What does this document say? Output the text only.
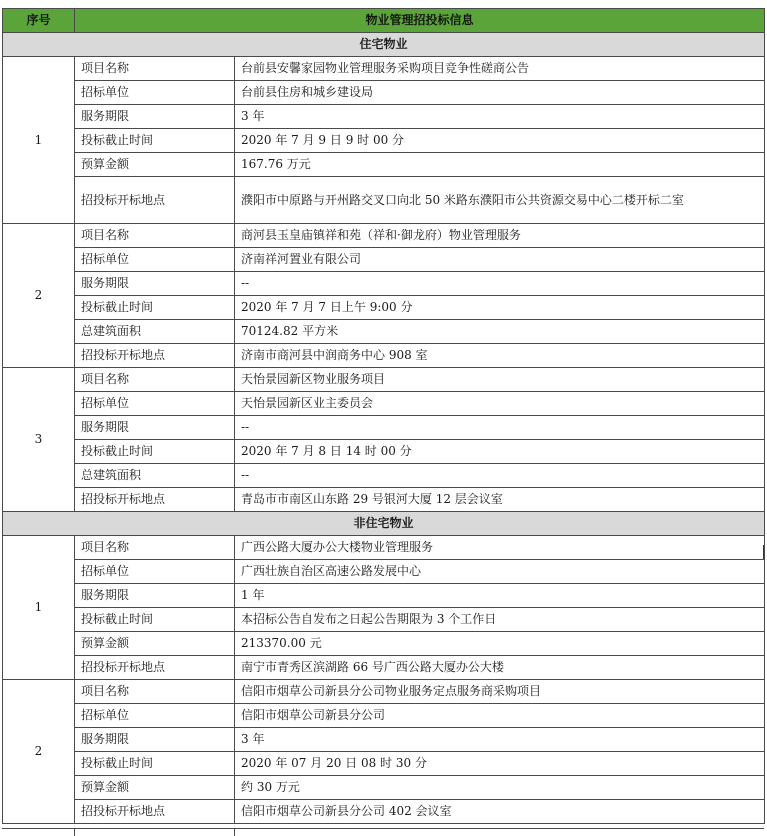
序号	物业管理招投标信息	
住宅物业		
1	项目名称	台前县安馨家园物业管理服务采购项目竞争性磋商公告
	招标单位	台前县住房和城乡建设局
	服务期限	3 年
	投标截止时间	2020 年 7 月 9 日 9 时 00 分
	预算金额	167.76 万元
	招投标开标地点	濮阳市中原路与开州路交叉口向北 50 米路东濮阳市公共资源交易中心二楼开标二室
2	项目名称	商河县玉皇庙镇祥和苑（祥和·御龙府）物业管理服务
	招标单位	济南祥河置业有限公司
	服务期限	--
	投标截止时间	2020 年 7 月 7 日上午 9:00 分
	总建筑面积	70124.82 平方米
	招投标开标地点	济南市商河县中润商务中心 908 室
3	项目名称	天怡景园新区物业服务项目
	招标单位	天怡景园新区业主委员会
	服务期限	--
	投标截止时间	2020 年 7 月 8 日 14 时 00 分
	总建筑面积	--
	招投标开标地点	青岛市市南区山东路 29 号银河大厦 12 层会议室
非住宅物业		
1	项目名称	广西公路大厦办公大楼物业管理服务
	招标单位	广西壮族自治区高速公路发展中心
	服务期限	1 年
	投标截止时间	本招标公告自发布之日起公告期限为 3 个工作日
	预算金额	213370.00 元
	招投标开标地点	南宁市青秀区滨湖路 66 号广西公路大厦办公大楼
2	项目名称	信阳市烟草公司新县分公司物业服务定点服务商采购项目
	招标单位	信阳市烟草公司新县分公司
	服务期限	3 年
	投标截止时间	2020 年 07 月 20 日 08 时 30 分
	预算金额	约 30 万元
	招投标开标地点	信阳市烟草公司新县分公司 402 会议室
